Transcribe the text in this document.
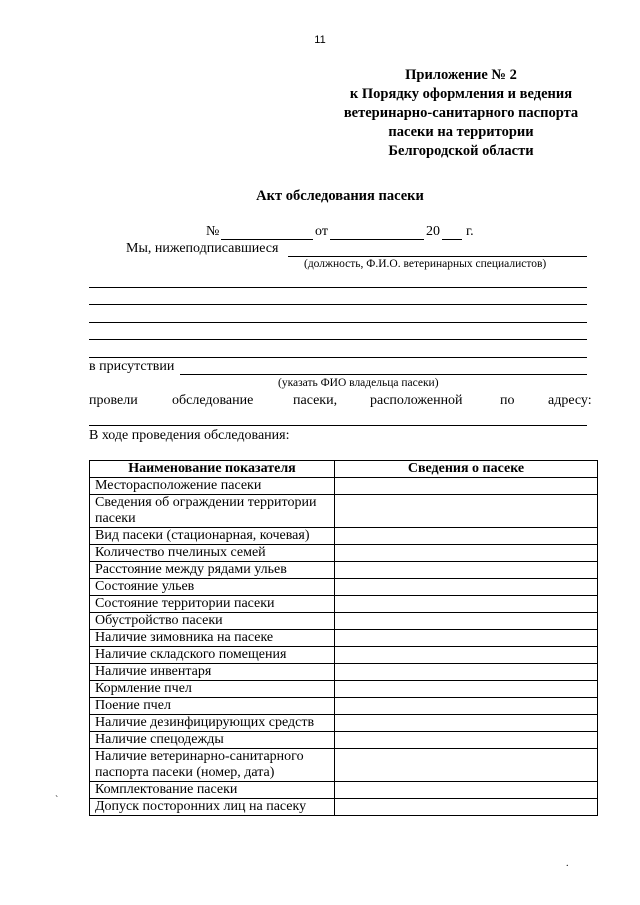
11
Приложение № 2
к Порядку оформления и ведения
ветеринарно-санитарного паспорта
пасеки на территории
Белгородской области
Акт обследования пасеки
№	от	20 г.
Мы, нижеподписавшиеся
(должность, Ф.И.О. ветеринарных специалистов)
в присутствии
(указать ФИО владельца пасеки)
провели обследование	пасеки, расположенной	по адресу:
В ходе проведения обследования:
Наименование показателя	Сведения о пасеке
Месторасположение пасеки	
Сведения об ограждении территории пасеки	
Вид пасеки (стационарная, кочевая)	
Количество пчелиных семей	
Расстояние между рядами ульев	
Состояние ульев	
Состояние территории пасеки	
Обустройство пасеки	
Наличие зимовника на пасеке	
Наличие складского помещения	
Наличие инвентаря	
Кормление пчел	
Поение пчел	
Наличие дезинфицирующих средств	
Наличие спецодежды	
Наличие ветеринарно-санитарного паспорта пасеки (номер, дата)	
Комплектование пасеки	
Допуск посторонних лиц на пасеку	
`
.
